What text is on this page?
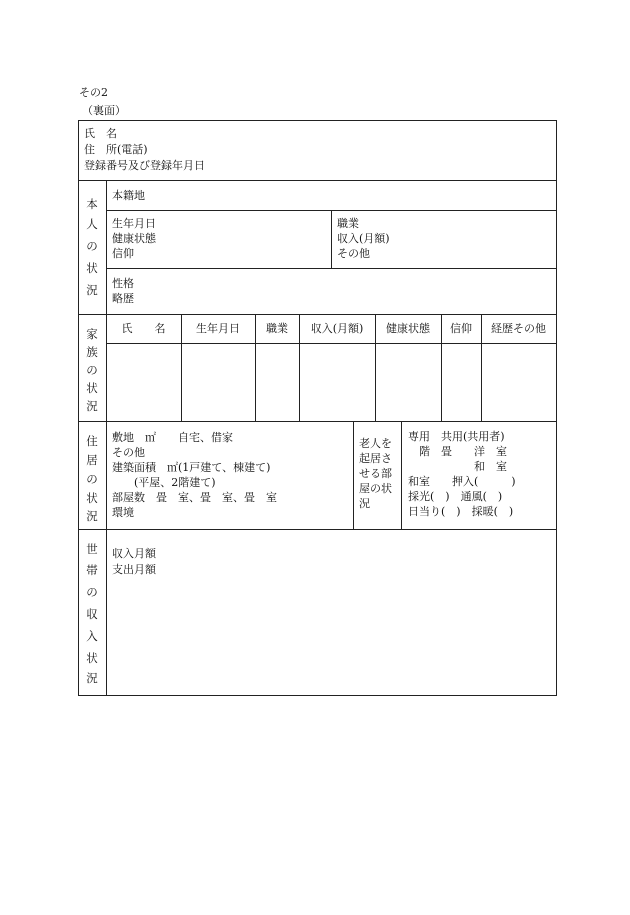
その2
（裏面）
氏　名
住　所(電話)
登録番号及び登録年月日
本
人
の
状
況
本籍地
生年月日
健康状態
信仰
職業
収入(月額)
その他
性格
略歴
家
族
の
状
況
氏　　名	生年月日	職業	収入(月額)	健康状態	信仰	経歴その他
住
居
の
状
況
敷地　㎡　　自宅、借家
その他
建築面積　㎡(1戸建て、棟建て)
　　(平屋、2階建て)
部屋数　畳　室、畳　室、畳　室
環境
老人を
起居さ
せる部
屋の状
況
専用　共用(共用者)
　階　畳　　洋　室
　　　　　　和　室
和室　　押入(　　　)
採光(　)　通風(　)
日当り(　)　採暖(　)
世
帯
の
収
入
状
況
収入月額
支出月額
